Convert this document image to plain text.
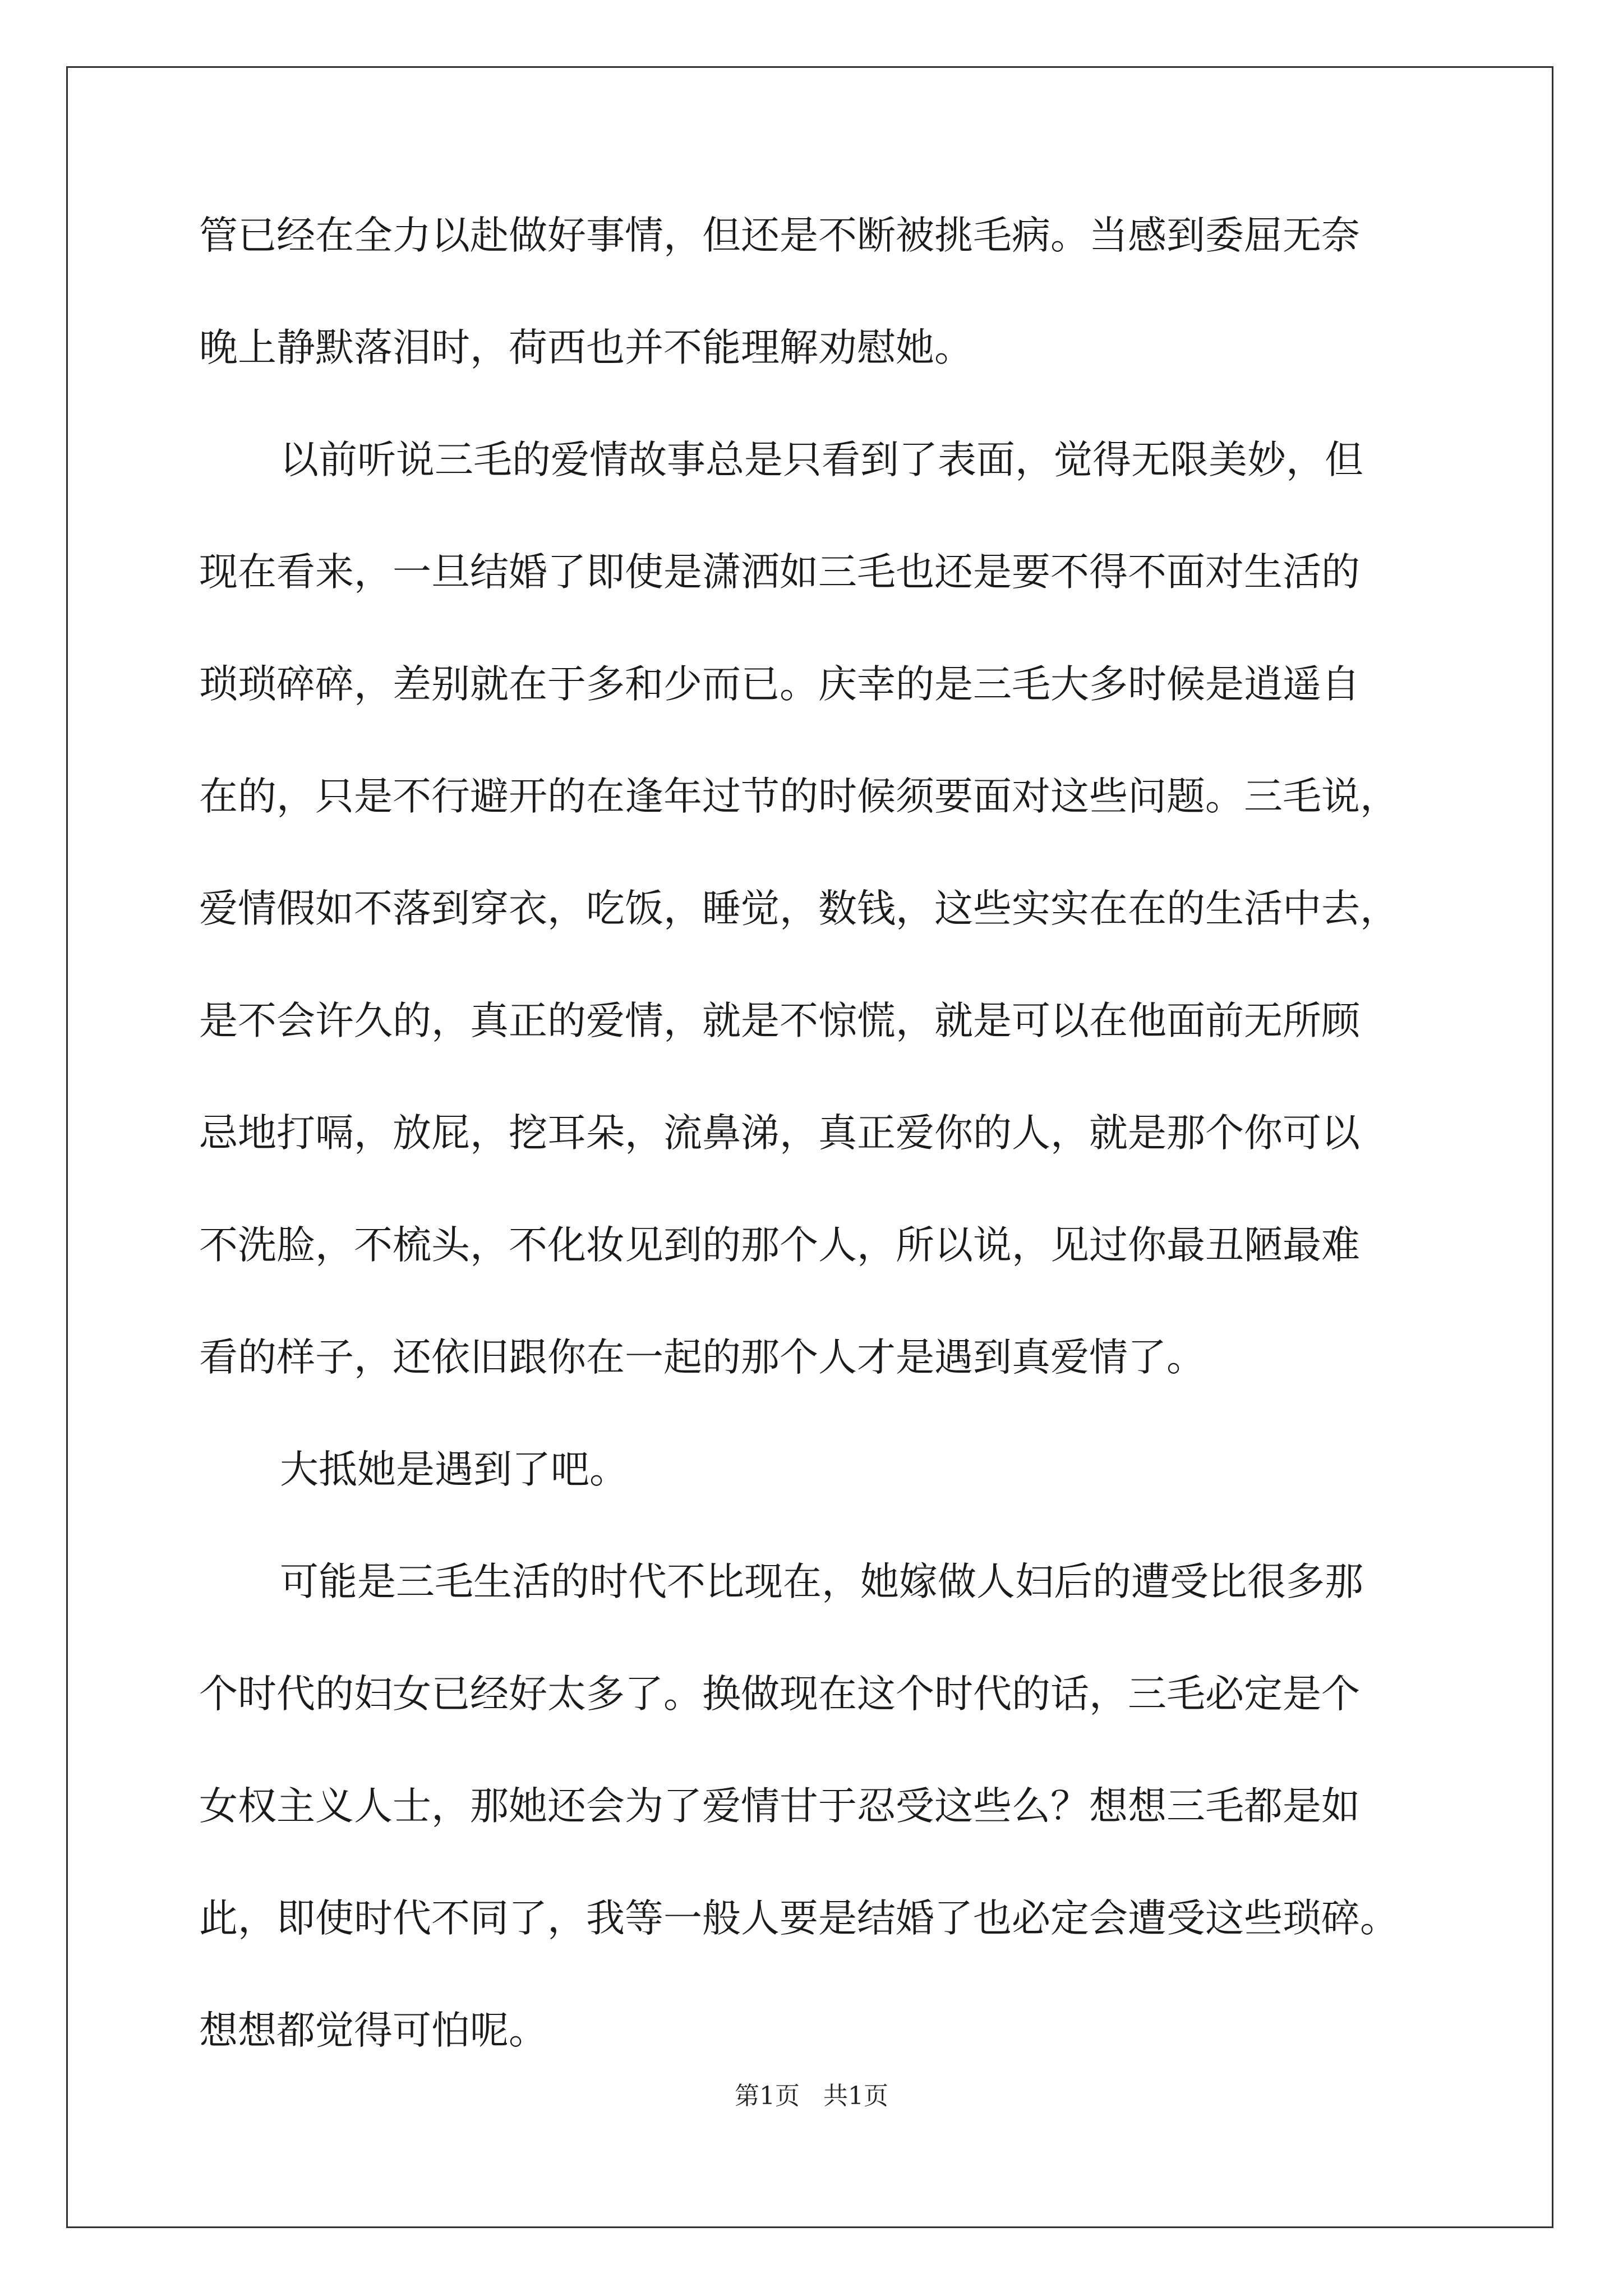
管已经在全力以赴做好事情，但还是不断被挑毛病。当感到委屈无奈
晚上静默落泪时，荷西也并不能理解劝慰她。
以前听说三毛的爱情故事总是只看到了表面，觉得无限美妙，但
现在看来，一旦结婚了即使是潇洒如三毛也还是要不得不面对生活的
琐琐碎碎，差别就在于多和少而已。庆幸的是三毛大多时候是逍遥自
在的，只是不行避开的在逢年过节的时候须要面对这些问题。三毛说，
爱情假如不落到穿衣，吃饭，睡觉，数钱，这些实实在在的生活中去，
是不会许久的，真正的爱情，就是不惊慌，就是可以在他面前无所顾
忌地打嗝，放屁，挖耳朵，流鼻涕，真正爱你的人，就是那个你可以
不洗脸，不梳头，不化妆见到的那个人，所以说，见过你最丑陋最难
看的样子，还依旧跟你在一起的那个人才是遇到真爱情了。
大抵她是遇到了吧。
可能是三毛生活的时代不比现在，她嫁做人妇后的遭受比很多那
个时代的妇女已经好太多了。换做现在这个时代的话，三毛必定是个
女权主义人士，那她还会为了爱情甘于忍受这些么？想想三毛都是如
此，即使时代不同了，我等一般人要是结婚了也必定会遭受这些琐碎。
想想都觉得可怕呢。
第1页 共1页
